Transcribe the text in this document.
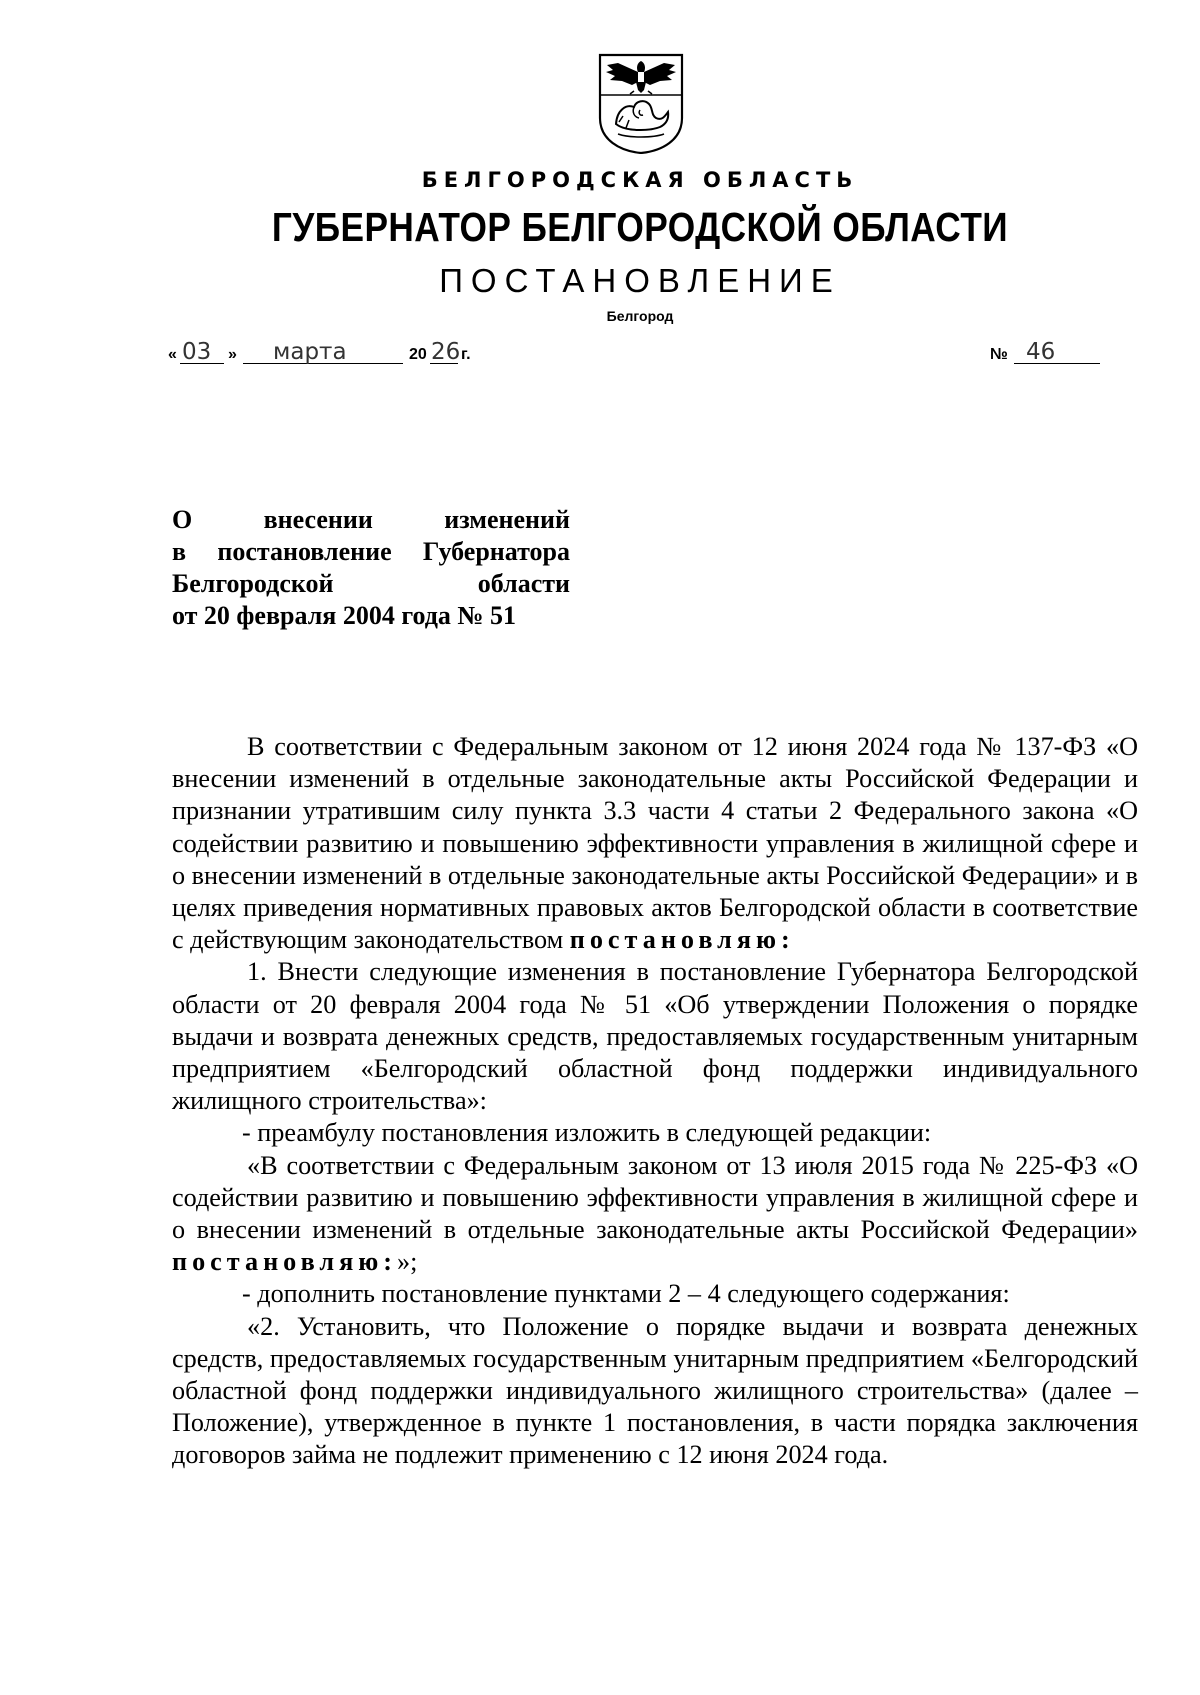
БЕЛГОРОДСКАЯ ОБЛАСТЬ
ГУБЕРНАТОР БЕЛГОРОДСКОЙ ОБЛАСТИ
ПОСТАНОВЛЕНИЕ
Белгород
« 03 » марта	20 26 г.	№ 46
О внесении изменений
в постановление Губернатора
Белгородской области
от 20 февраля 2004 года № 51

В соответствии с Федеральным законом от 12 июня 2024 года № 137-ФЗ «О внесении изменений в отдельные законодательные акты Российской Федерации и признании утратившим силу пункта 3.3 части 4 статьи 2 Федерального закона «О содействии развитию и повышению эффективности управления в жилищной сфере и о внесении изменений в отдельные законодательные акты Российской Федерации» и в целях приведения нормативных правовых актов Белгородской области в соответствие с действующим законодательством постановляю:

1. Внести следующие изменения в постановление Губернатора Белгородской области от 20 февраля 2004 года № 51 «Об утверждении Положения о порядке выдачи и возврата денежных средств, предоставляемых государственным унитарным предприятием «Белгородский областной фонд поддержки индивидуального жилищного строительства»:

- преамбулу постановления изложить в следующей редакции:

«В соответствии с Федеральным законом от 13 июля 2015 года № 225-ФЗ «О содействии развитию и повышению эффективности управления в жилищной сфере и о внесении изменений в отдельные законодательные акты Российской Федерации» постановляю:»;

- дополнить постановление пунктами 2 – 4 следующего содержания:

«2. Установить, что Положение о порядке выдачи и возврата денежных средств, предоставляемых государственным унитарным предприятием «Белгородский областной фонд поддержки индивидуального жилищного строительства» (далее – Положение), утвержденное в пункте 1 постановления, в части порядка заключения договоров займа не подлежит применению с 12 июня 2024 года.
